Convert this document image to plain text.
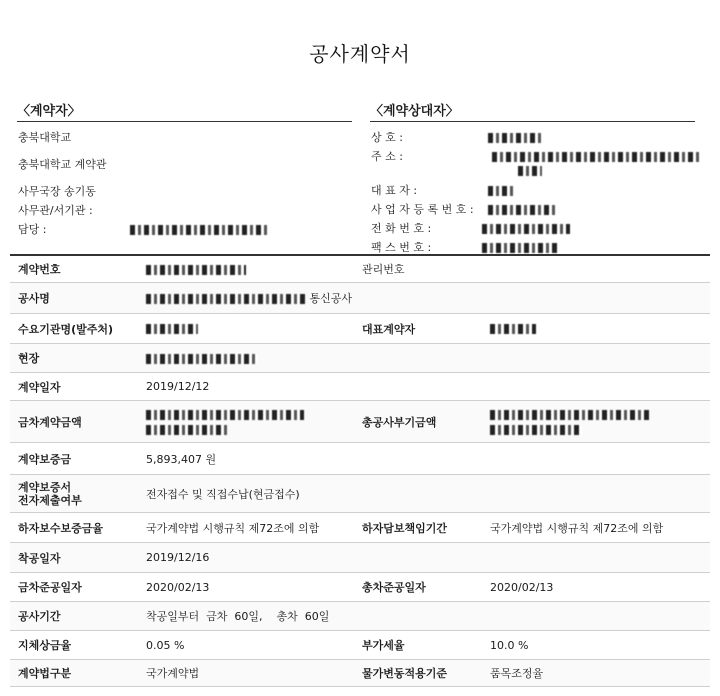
공사계약서
〈계약자〉
충북대학교
충북대학교 계약관
사무국장 송기동
사무관/서기관 :
담당 :
〈계약상대자〉
상 호 :
주 소 :
대 표 자 :
사 업 자 등 록 번 호 :
전 화 번 호 :
팩 스 번 호 :
계약번호	관리번호
공사명	통신공사
수요기관명(발주처)	대표계약자
현장
계약일자	2019/12/12
금차계약금액	총공사부기금액

계약보증금	5,893,407 원
계약보증서
전자제출여부	전자접수 및 직접수납(현금접수)
하자보수보증금율	국가계약법 시행규칙 제72조에 의함	하자담보책임기간	국가계약법 시행규칙 제72조에 의함
착공일자	2019/12/16
금차준공일자	2020/02/13	총차준공일자	2020/02/13
공사기간	착공일부터  금차  60일,    총차  60일
지체상금율	0.05 %	부가세율	10.0 %
계약법구분	국가계약법	물가변동적용기준	품목조정율
